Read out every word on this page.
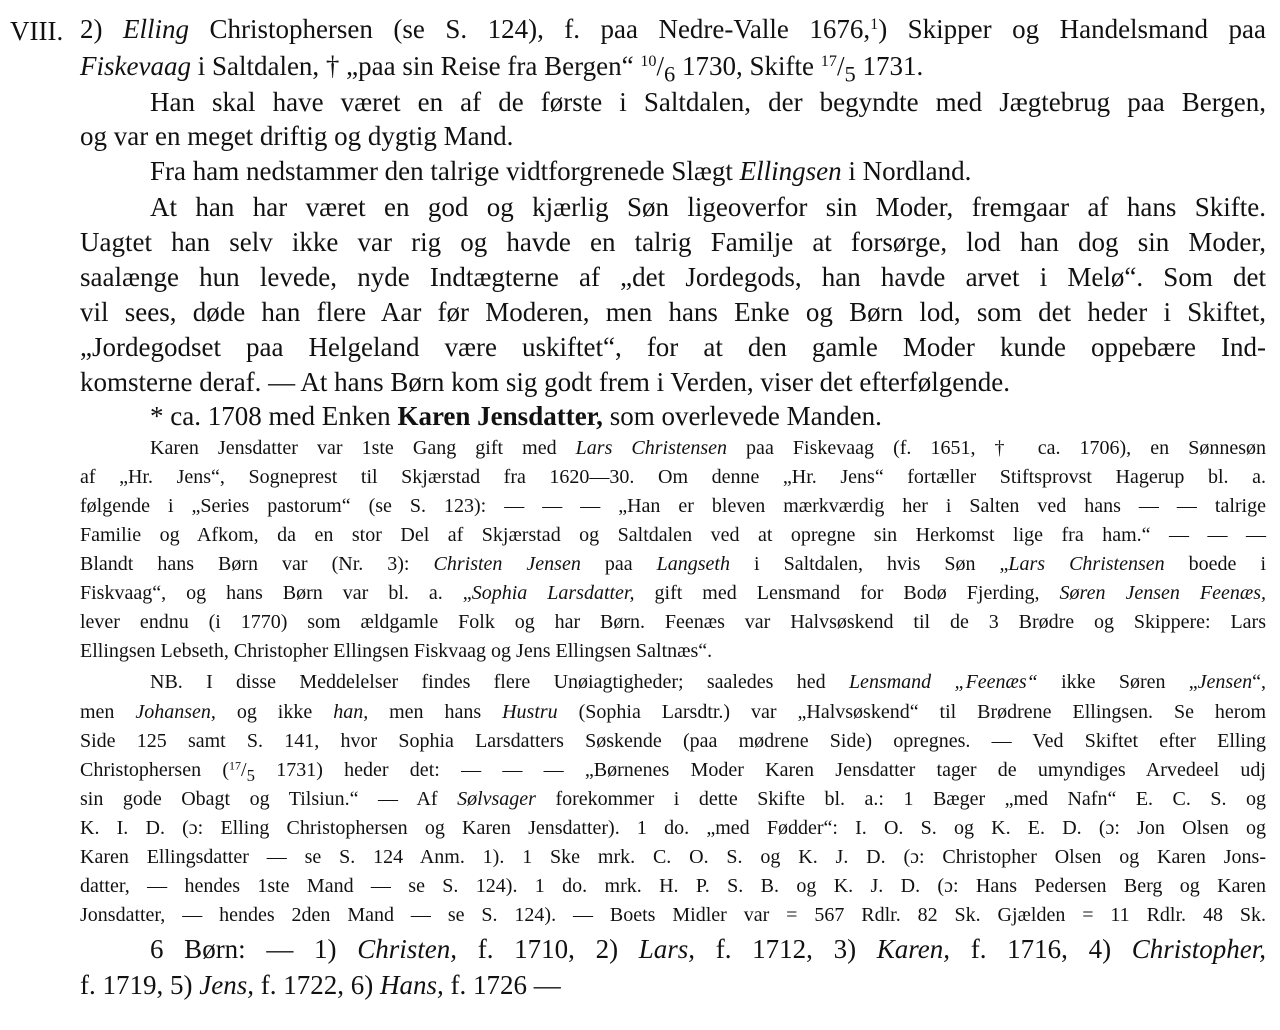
VIII. 2) Elling Christophersen (se S. 124), f. paa Nedre-Valle 1676,$^1$) Skipper og Handelsmand paa
Fiskevaag i Saltdalen, † „paa sin Reise fra Bergen“ $^{10}/_6$ 1730, Skifte $^{17}/_5$ 1731.
Han skal have været en af de første i Saltdalen, der begyndte med Jægtebrug paa Bergen,
og var en meget driftig og dygtig Mand.
Fra ham nedstammer den talrige vidtforgrenede Slægt Ellingsen i Nordland.
At han har været en god og kjærlig Søn ligeoverfor sin Moder, fremgaar af hans Skifte.
Uagtet han selv ikke var rig og havde en talrig Familje at forsørge, lod han dog sin Moder,
saalænge hun levede, nyde Indtægterne af „det Jordegods, han havde arvet i Melø“. Som det
vil sees, døde han flere Aar før Moderen, men hans Enke og Børn lod, som det heder i Skiftet,
„Jordegodset paa Helgeland være uskiftet“, for at den gamle Moder kunde oppebære Ind-
komsterne deraf. — At hans Børn kom sig godt frem i Verden, viser det efterfølgende.
* ca. 1708 med Enken Karen Jensdatter, som overlevede Manden.
Karen Jensdatter var 1ste Gang gift med Lars Christensen paa Fiskevaag (f. 1651, † ca. 1706), en Sønnesøn
af „Hr. Jens“, Sogneprest til Skjærstad fra 1620—30. Om denne „Hr. Jens“ fortæller Stiftsprovst Hagerup bl. a.
følgende i „Series pastorum“ (se S. 123): — — — „Han er bleven mærkværdig her i Salten ved hans — — talrige
Familie og Afkom, da en stor Del af Skjærstad og Saltdalen ved at opregne sin Herkomst lige fra ham.“ — — —
Blandt hans Børn var (Nr. 3): Christen Jensen paa Langseth i Saltdalen, hvis Søn „Lars Christensen boede i
Fiskvaag“, og hans Børn var bl. a. „Sophia Larsdatter, gift med Lensmand for Bodø Fjerding, Søren Jensen Feenæs,
lever endnu (i 1770) som ældgamle Folk og har Børn. Feenæs var Halvsøskend til de 3 Brødre og Skippere: Lars
Ellingsen Lebseth, Christopher Ellingsen Fiskvaag og Jens Ellingsen Saltnæs“.
NB. I disse Meddelelser findes flere Unøiagtigheder; saaledes hed Lensmand „Feenæs“ ikke Søren „Jensen“,
men Johansen, og ikke han, men hans Hustru (Sophia Larsdtr.) var „Halvsøskend“ til Brødrene Ellingsen. Se herom
Side 125 samt S. 141, hvor Sophia Larsdatters Søskende (paa mødrene Side) opregnes. — Ved Skiftet efter Elling
Christophersen ($^{17}/_5$ 1731) heder det: — — — „Børnenes Moder Karen Jensdatter tager de umyndiges Arvedeel udj
sin gode Obagt og Tilsiun.“ — Af Sølvsager forekommer i dette Skifte bl. a.: 1 Bæger „med Nafn“ E. C. S. og
K. I. D. (ɔ: Elling Christophersen og Karen Jensdatter). 1 do. „med Fødder“: I. O. S. og K. E. D. (ɔ: Jon Olsen og
Karen Ellingsdatter — se S. 124 Anm. 1). 1 Ske mrk. C. O. S. og K. J. D. (ɔ: Christopher Olsen og Karen Jons-
datter, — hendes 1ste Mand — se S. 124). 1 do. mrk. H. P. S. B. og K. J. D. (ɔ: Hans Pedersen Berg og Karen
Jonsdatter, — hendes 2den Mand — se S. 124). — Boets Midler var = 567 Rdlr. 82 Sk. Gjælden = 11 Rdlr. 48 Sk.
6 Børn: — 1) Christen, f. 1710, 2) Lars, f. 1712, 3) Karen, f. 1716, 4) Christopher,
f. 1719, 5) Jens, f. 1722, 6) Hans, f. 1726 —
